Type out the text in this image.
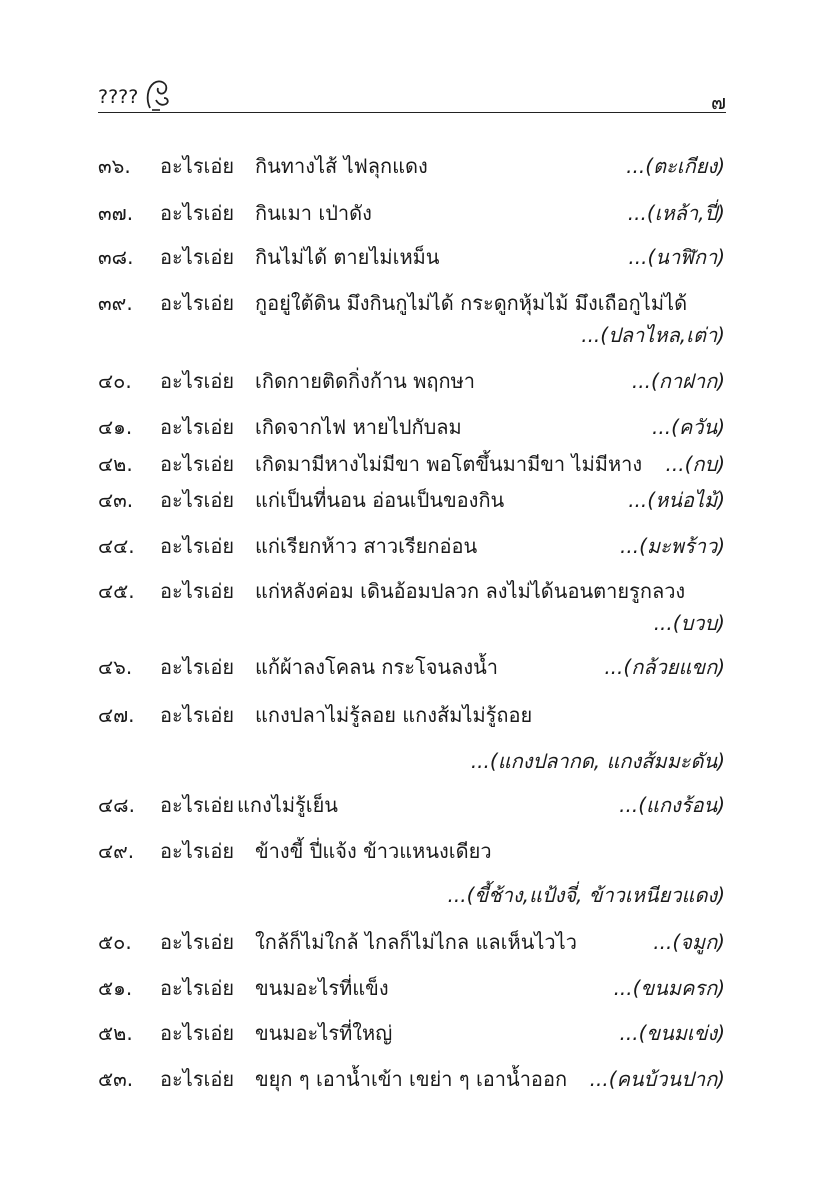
????	๗
๓๖. อะไรเอ่ย กินทางไส้ ไฟลุกแดง	...(ตะเกียง)
๓๗. อะไรเอ่ย กินเมา เป่าดัง	...(เหล้า,ปี่)
๓๘. อะไรเอ่ย กินไม่ได้ ตายไม่เหม็น	...(นาฬิกา)
๓๙. อะไรเอ่ย กูอยู่ใต้ดิน มึงกินกูไม่ได้ กระดูกหุ้มไม้ มึงเถือกูไม่ได้
...(ปลาไหล,เต่า)
๔๐. อะไรเอ่ย เกิดกายติดกิ่งก้าน พฤกษา	...(กาฝาก)
๔๑. อะไรเอ่ย เกิดจากไฟ หายไปกับลม	...(ควัน)
๔๒. อะไรเอ่ย เกิดมามีหางไม่มีขา พอโตขึ้นมามีขา ไม่มีหาง ...(กบ)
๔๓. อะไรเอ่ย แก่เป็นที่นอน อ่อนเป็นของกิน	...(หน่อไม้)
๔๔. อะไรเอ่ย แก่เรียกห้าว สาวเรียกอ่อน	...(มะพร้าว)
๔๕. อะไรเอ่ย แก่หลังค่อม เดินอ้อมปลวก ลงไม่ได้นอนตายรูกลวง
...(บวบ)
๔๖. อะไรเอ่ย แก้ผ้าลงโคลน กระโจนลงน้ำ	...(กล้วยแขก)
๔๗. อะไรเอ่ย แกงปลาไม่รู้ลอย แกงส้มไม่รู้ถอย
...(แกงปลากด, แกงส้มมะดัน)
๔๘. อะไรเอ่ย แกงไม่รู้เย็น	...(แกงร้อน)
๔๙. อะไรเอ่ย ข้างขี้ ปี่แจ้ง ข้าวแหนงเดียว
...(ขี้ช้าง,แป้งจี่, ข้าวเหนียวแดง)
๕๐. อะไรเอ่ย ใกล้ก็ไม่ใกล้ ไกลก็ไม่ไกล แลเห็นไวไว	...(จมูก)
๕๑. อะไรเอ่ย ขนมอะไรที่แข็ง	...(ขนมครก)
๕๒. อะไรเอ่ย ขนมอะไรที่ใหญ่	...(ขนมเข่ง)
๕๓. อะไรเอ่ย ขยุก ๆ เอาน้ำเข้า เขย่า ๆ เอาน้ำออก ...(คนบ้วนปาก)
